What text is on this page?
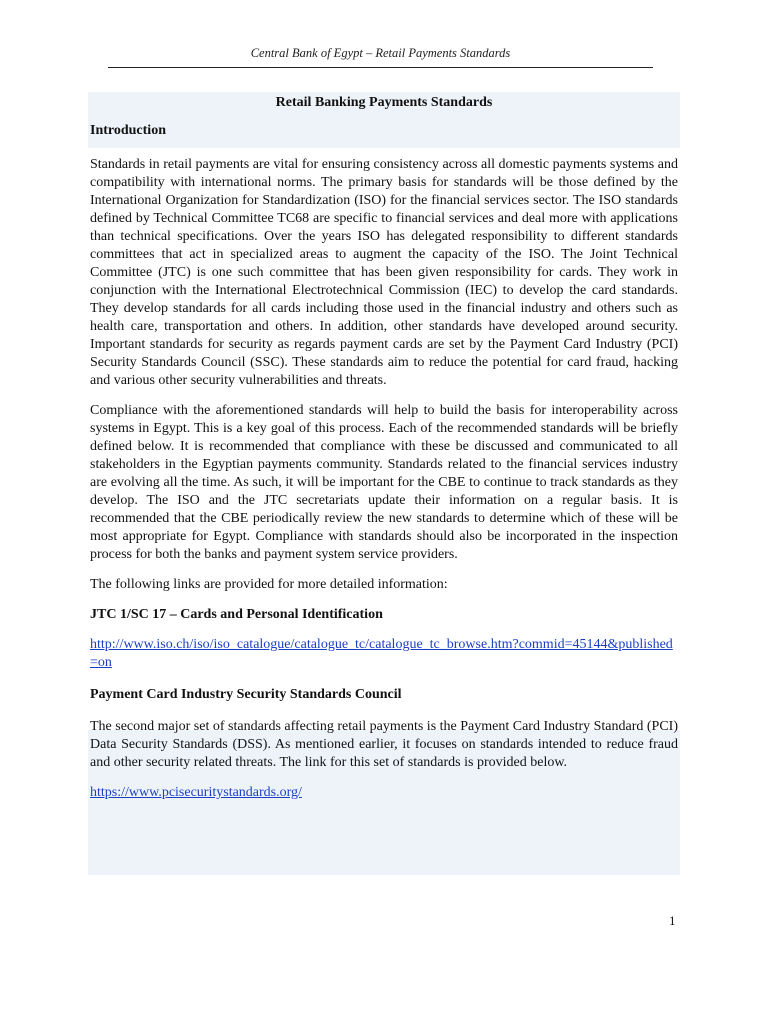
Central Bank of Egypt – Retail Payments Standards
Retail Banking Payments Standards
Introduction

Standards in retail payments are vital for ensuring consistency across all domestic payments systems and compatibility with international norms. The primary basis for standards will be those defined by the International Organization for Standardization (ISO) for the financial services sector. The ISO standards defined by Technical Committee TC68 are specific to financial services and deal more with applications than technical specifications. Over the years ISO has delegated responsibility to different standards committees that act in specialized areas to augment the capacity of the ISO. The Joint Technical Committee (JTC) is one such committee that has been given responsibility for cards. They work in conjunction with the International Electrotechnical Commission (IEC) to develop the card standards. They develop standards for all cards including those used in the financial industry and others such as health care, transportation and others. In addition, other standards have developed around security. Important standards for security as regards payment cards are set by the Payment Card Industry (PCI) Security Standards Council (SSC). These standards aim to reduce the potential for card fraud, hacking and various other security vulnerabilities and threats.

Compliance with the aforementioned standards will help to build the basis for interoperability across systems in Egypt. This is a key goal of this process. Each of the recommended standards will be briefly defined below. It is recommended that compliance with these be discussed and communicated to all stakeholders in the Egyptian payments community. Standards related to the financial services industry are evolving all the time. As such, it will be important for the CBE to continue to track standards as they develop. The ISO and the JTC secretariats update their information on a regular basis. It is recommended that the CBE periodically review the new standards to determine which of these will be most appropriate for Egypt. Compliance with standards should also be incorporated in the inspection process for both the banks and payment system service providers.

The following links are provided for more detailed information:

JTC 1/SC 17 – Cards and Personal Identification
http://www.iso.ch/iso/iso_catalogue/catalogue_tc/catalogue_tc_browse.htm?commid=45144&published=on
Payment Card Industry Security Standards Council

The second major set of standards affecting retail payments is the Payment Card Industry Standard (PCI) Data Security Standards (DSS). As mentioned earlier, it focuses on standards intended to reduce fraud and other security related threats. The link for this set of standards is provided below.

https://www.pcisecuritystandards.org/
1
